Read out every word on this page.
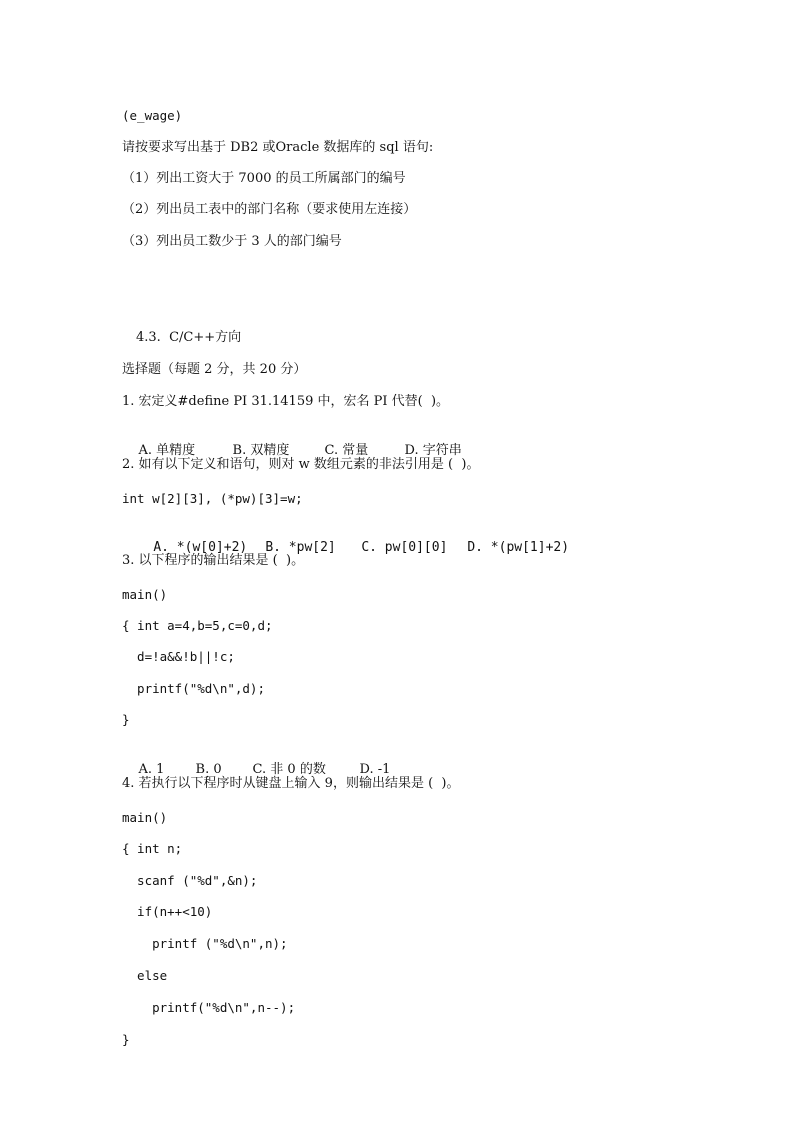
(e_wage)
请按要求写出基于 DB2 或Oracle 数据库的 sql 语句:
（1）列出工资大于 7000 的员工所属部门的编号
（2）列出员工表中的部门名称（要求使用左连接）
（3）列出员工数少于 3 人的部门编号
4.3.  C/C++方向
选择题（每题 2 分，共 20 分）
1. 宏定义#define PI 31.14159 中，宏名 PI 代替(  )。

A. 单精度	B. 双精度	C. 常量	D. 字符串

2. 如有以下定义和语句，则对 w 数组元素的非法引用是 (  )。
int w[2][3], (*pw)[3]=w;

A. *(w[0]+2) B. *pw[2] C. pw[0][0] D. *(pw[1]+2)

3. 以下程序的输出结果是 (  )。
main()
{ int a=4,b=5,c=0,d;
d=!a&&!b||!c;
printf("%d\n",d);
}

A. 1 B. 0 C. 非 0 的数	D. -1

4. 若执行以下程序时从键盘上输入 9，则输出结果是 (  )。
main()
{ int n;
scanf ("%d",&n);
if(n++<10)
printf ("%d\n",n);
else
printf("%d\n",n--);
}
